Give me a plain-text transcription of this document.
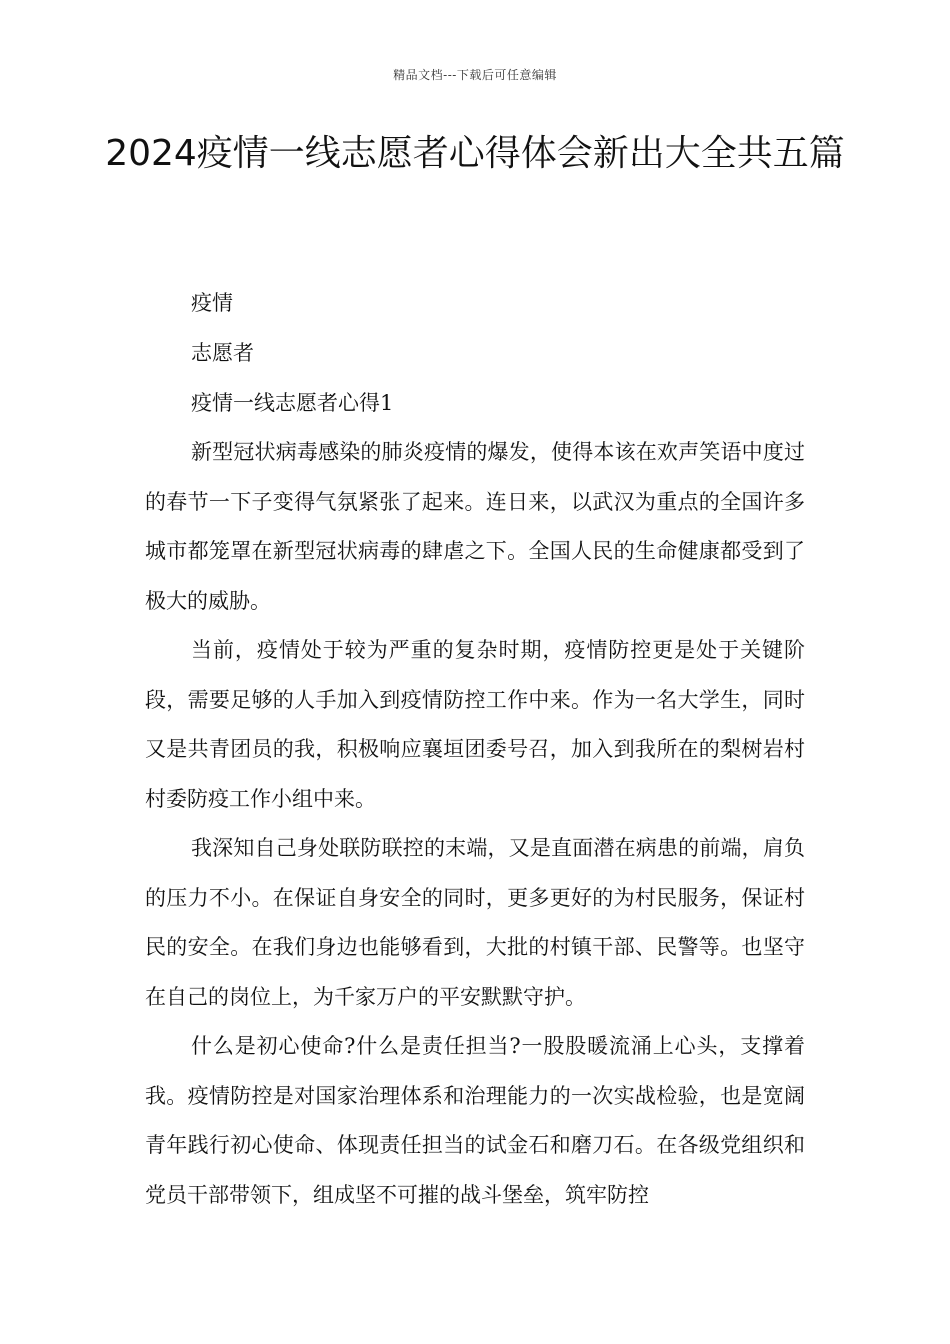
精品文档---下载后可任意编辑
2024疫情一线志愿者心得体会新出大全共五篇
疫情
志愿者
疫情一线志愿者心得1

新型冠状病毒感染的肺炎疫情的爆发，使得本该在欢声笑语中度过的春节一下子变得气氛紧张了起来。连日来，以武汉为重点的全国许多城市都笼罩在新型冠状病毒的肆虐之下。全国人民的生命健康都受到了极大的威胁。

当前，疫情处于较为严重的复杂时期，疫情防控更是处于关键阶段，需要足够的人手加入到疫情防控工作中来。作为一名大学生，同时又是共青团员的我，积极响应襄垣团委号召，加入到我所在的梨树岩村村委防疫工作小组中来。

我深知自己身处联防联控的末端，又是直面潜在病患的前端，肩负的压力不小。在保证自身安全的同时，更多更好的为村民服务，保证村民的安全。在我们身边也能够看到，大批的村镇干部、民警等。也坚守在自己的岗位上，为千家万户的平安默默守护。

什么是初心使命?什么是责任担当?一股股暖流涌上心头，支撑着我。疫情防控是对国家治理体系和治理能力的一次实战检验，也是宽阔青年践行初心使命、体现责任担当的试金石和磨刀石。在各级党组织和党员干部带领下，组成坚不可摧的战斗堡垒，筑牢防控
